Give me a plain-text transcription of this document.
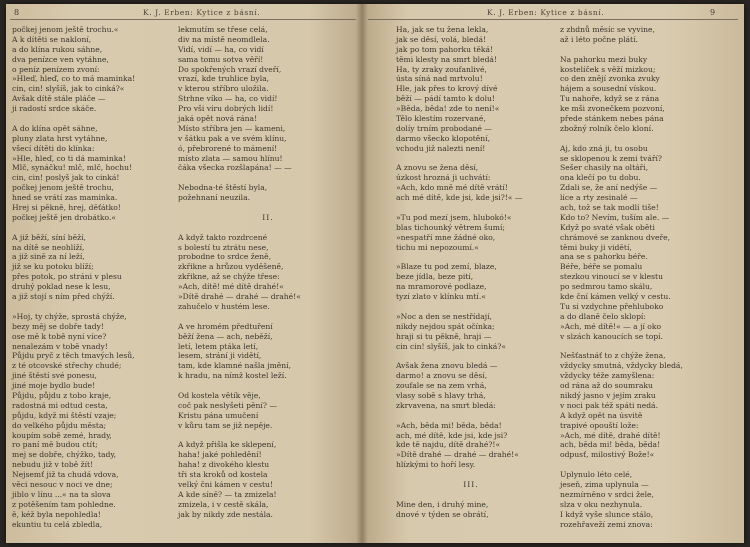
8	K. J. Erben: Kytice z básní.
počkej jenom ještě trochu.«
A k dítěti se nakloní,
a do klína rukou sáhne,
dva penízce ven vytáhne,
o peníz penízem zvoní:
»Hleď, hleď, co to má maminka!
cin, cin! slyšíš, jak to cinká?«
Avšak dítě stále pláče —
ji radostí srdce skáče.
A do klína opět sáhne,
pluny zlata hrst vytáhne,
všecí dítěti do klínka:
»Hle, hleď, co ti dá maminka!
Mlč, synáčku! mlč, mlč, hochu!
cin, cin! poslyš jak to cinká!
počkej jenom ještě trochu,
hned se vrátí zas maminka.
Hrej si pěkně, hrej, děťátko!
počkej ještě jen drobátko.«
A již běží, síní běží,
na dítě se neohlíží,
a již sině za ní leží,
již se ku potoku blíží;
přes potok, po stráni v plesu
druhý poklad nese k lesu,
a již stojí s ním před chýží.
»Hoj, ty chýže, sprostá chýže,
bezy měj se dobře tady!
ose mě k tobě nyní více?
nenalezám v tobě vnady!
Půjdu pryč z těch tmavých lesů,
z té otcovské střechy chudé;
jiné štěstí své ponesu,
jiné moje bydlo bude!
Půjdu, půjdu z tobo kraje,
radostná mi odtud cesta,
půjdu, když mi štěstí vzaje;
do velkého půjdu města;
koupím sobě zemé, hrady,
ro paní mě budou ctít;
mej se dobře, chýžko, tady,
nebudu již v tobě žít!
Nejsemť již ta chudá vdova,
věci nesouc v noci ve dne;
jiblo v línu ...« na ta slova
z potěšením tam pohledne.
ě, kéž byla nepohledla!
ekuntiu tu celá zbledla,
lekmutím se třese celá,
div na místě neomdlela.
Vidí, vidí — ha, co vidí
sama tomu sotva věří!
Do spokřených vrazí dveří,
vrazí, kde truhlice byla,
v kterou stříbro uložila.
Strhne víko — ha, co vidí!
Pro vši víru dobrých lidí!
jaká opět nová rána!
Místo stříbra jen — kameni,
v šátku pak a ve svém klínu,
ó, přebrorené to mámení!
místo zlata — samou hlínu!
čáka všecka rozšlapána! — —
Nebodna-té štěstí byla,
požehnaní neuzila.
II.
A když takto rozdrcené
s bolestí tu ztrátu nese,
probodne to srdce ženě,
zkřikne a hrůzou vyděšeně,
zkřikne, až se chýže třese:
»Ach, dítě! mé dítě drahé!«
»Dítě drahé — drahé — drahé!«
zahučelo v hustém lese.
A ve hromém předtuření
běží žena — ach, neběží,
letí, letem ptáka letí,
lesem, strání ji vidětí,
tam, kde klamné našla jmění,
k hradu, na nímž kostel leží.
Od kostela větík věje,
coč pak neslyšeti pění? —
Kristu pána umučení
v kůru tam se již nepěje.
A když přišla ke sklepení,
haha! jaké pohledění!
haha! z divokého klestu
tři sta kroků od kostela
velký čni kámen v cestu!
A kde síně? — ta zmizela!
zmizela, i v cestě skála,
jak by nikdy zde nestála.
K. J. Erben: Kytice z básní.	9
Ha, jak se tu žena lekla,
jak se děsí, volá, bledá!
jak po tom pahorku těká!
těmi klesty na smrt bledá!
Ha, ty zraky zoufanlivé,
ústa síná nad mrtvolu!
Hle, jak přes to krový dívé
běží — pádí tamto k dolu!
»Běda, běda! zde to není!«
Tělo klestím rozervané,
dolíy trním probodané —
darmo všecko klopotění,
vchodu již nalezti není!
A znovu se žena děsí,
úzkost hrozná ji uchvátí:
»Ach, kdo mně mé dítě vrátí!
ach mé dítě, kde jsi, kde jsi?!« —
»Tu pod mezí jsem, hlubokó!«
blas tichounký větrem šumí;
»nespatří mne žádné oko,
tichu mi nepozoumí.«
»Blaze tu pod zemí, blaze,
beze jídla, beze pití,
na mramorové podlaze,
tyzí zlato v klínku mtí.«
»Noc a den se nestřídají,
nikdy nejdou spát očínka;
hraji si tu pěkně, hraji —
cin cin! slyšíš, jak to cinká?«
Avšak žena znovu bledá —
darmo! a znovu se děsí,
zoufale se na zem vrhá,
vlasy sobě s hlavy trhá,
zkrvavena, na smrt bledá:
»Ach, běda mi! běda, běda!
ach, mé dítě, kde jsi, kde jsi?
kde tě najdu, dítě drahé?!«
»Dítě drahé — drahé — drahé!«
hlízkými to hoří lesy.
III.
Mine den, i druhý mine,
dnové v týden se obrátí,
z zhdnů měsíc se vyvine,
až i léto počne plátí.
Na pahorku mezi buky
kostelíček s věží mizkou;
co den znějí zvonka zvuky
hájem a sousední vískou.
Tu nahoře, když se z rána
ke mši zvonečkem pozvoní,
přede stánkem nebes pána
zbožný rolník čelo kloní.
Aj, kdo zná ji, tu osobu
se sklopenou k zemi tváří?
Sešer chasily na oltáři,
ona klečí po tu dobu.
Zdali se, že aní nedýše —
líce a rty zesinalé —
ach, tož se tak modlí tiše!
Kdo to? Nevím, tuším ale. —
Když po svaté však oběti
chrámové se zanknou dveře,
těmi buky ji vidětí,
ana se s pahorku béře.
Béře, béře se pomalu
stezkou vinoucí se v klestu
po sedmrou tamo skálu,
kde ční kámen velký v cestu.
Tu si vzdychne přehluboko
a do dlaně čelo sklopí:
»Ach, mé dítě!« — a jí oko
v slzách kanoucích se topí.
Nešťastnáť to z chýže žena,
vždycky smutná, vždycky bledá,
vždycky téže zamyšlena:
od rána až do soumraku
nikdý jasno v jejím zraku
v noci pak též spáti nedá.
A když opět na úsvitě
trapivé opouští lože:
»Ach, mé dítě, drahé dítě!
ach, běda mi! běda, běda!
odpusť, milostivý Bože!«
Uplynulo léto celé,
jeseň, zima uplynula —
nezmírněno v srdci žele,
slza v oku nezhynula.
I když vyše slunce stálo,
rozehřaveží zemi znova:
